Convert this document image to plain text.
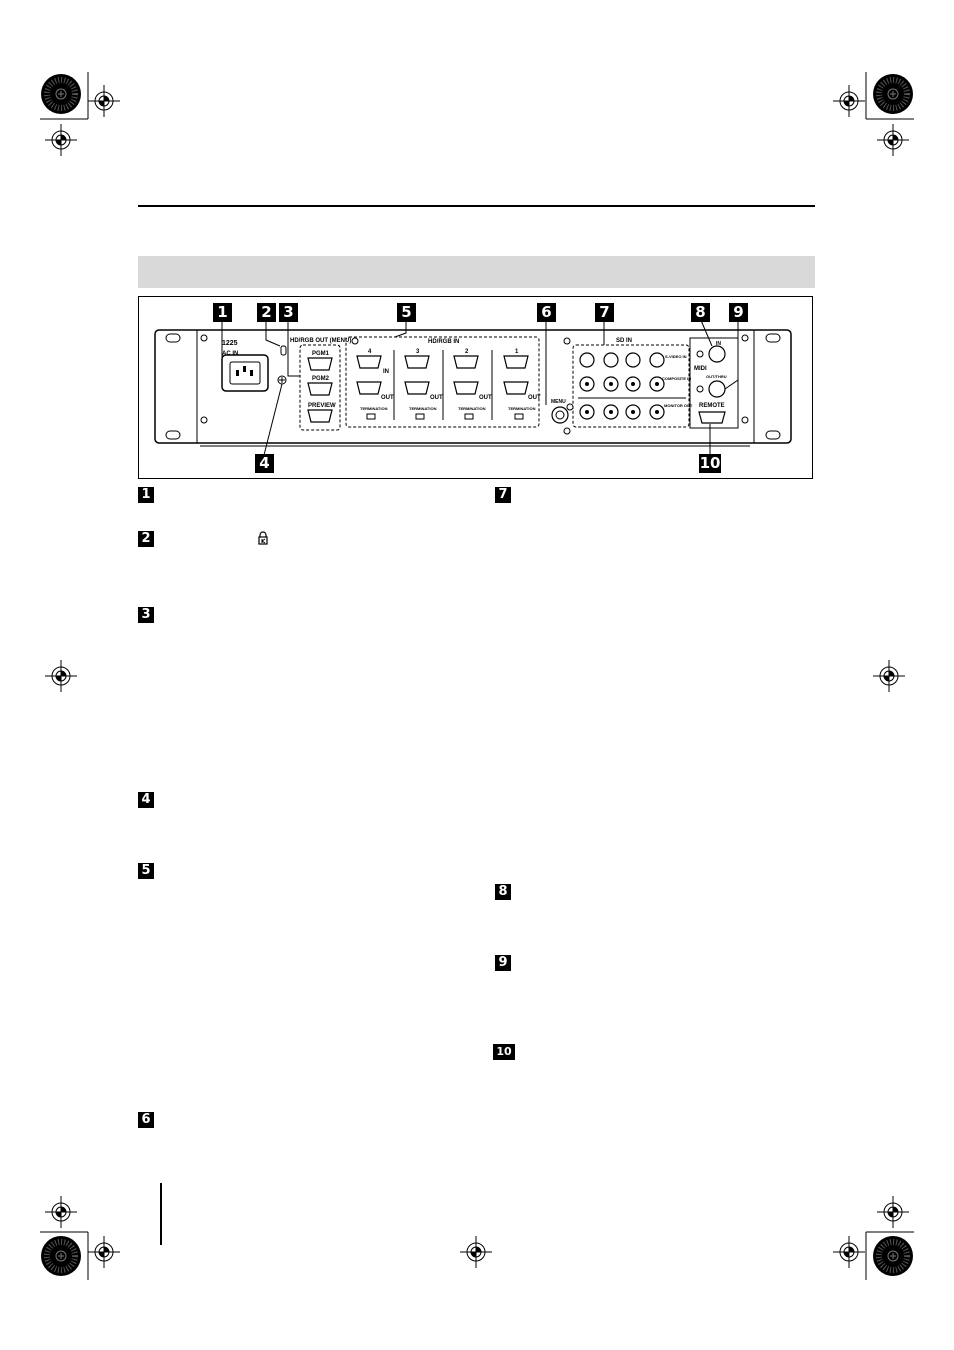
AC IN
1225	HD/RGB OUT (MENU)
PGM1
PGM2
PREVIEW
HD/RGB IN
4	3	2	1
IN
OUT	OUT	OUT	OUT
TERMINATION	TERMINATION	TERMINATION	TERMINATION
MENU
SD IN
S-VIDEO IN
COMPOSITE IN
MONITOR OUT
MIDI
IN
OUT/THRU
REMOTE
1 2 3	5	6	7	8 9
4	10
1
2
3
4
5
6
7
8
9
10
